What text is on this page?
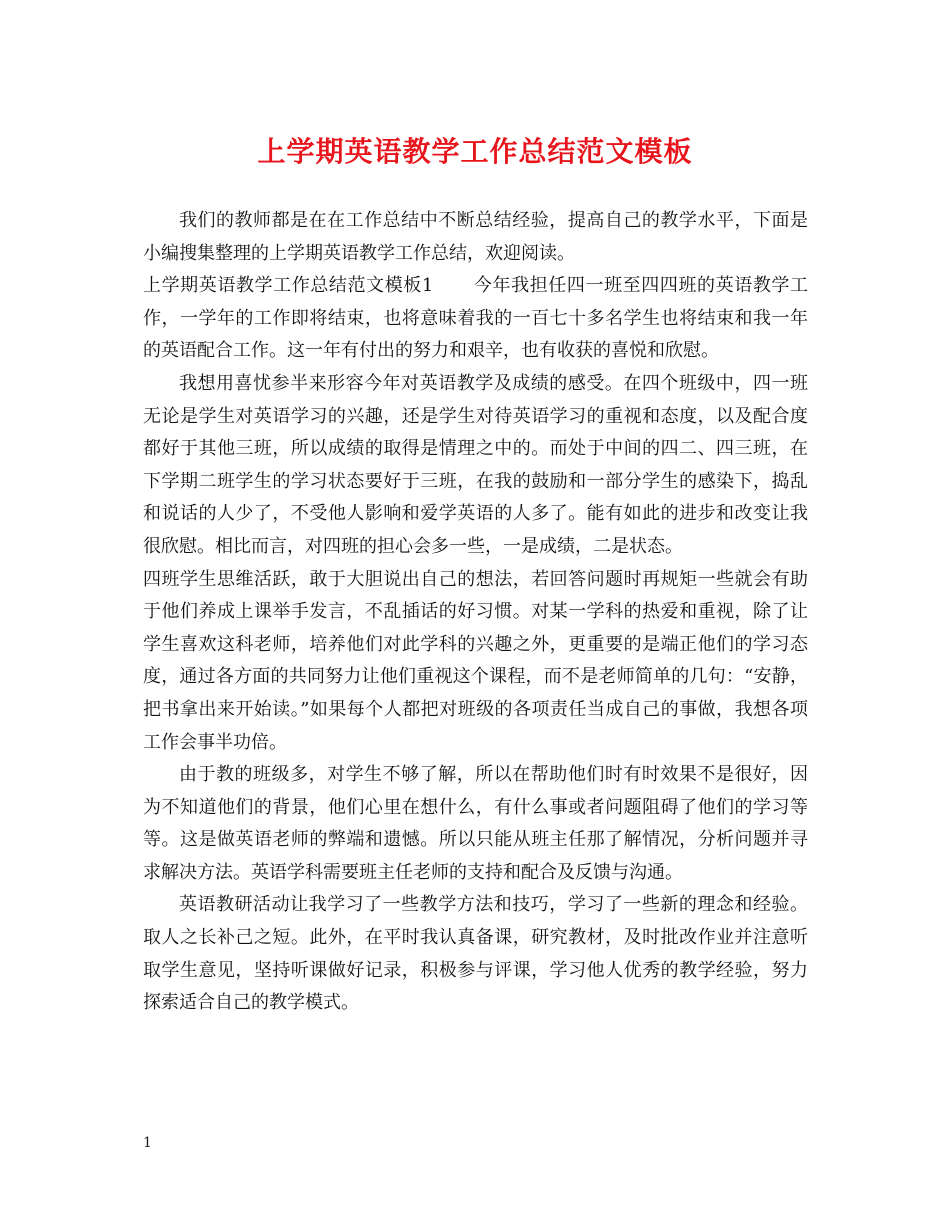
上学期英语教学工作总结范文模板

我们的教师都是在在工作总结中不断总结经验，提高自己的教学水平，下面是小编搜集整理的上学期英语教学工作总结，欢迎阅读。

上学期英语教学工作总结范文模板1 今年我担任四一班至四四班的英语教学工作，一学年的工作即将结束，也将意味着我的一百七十多名学生也将结束和我一年的英语配合工作。这一年有付出的努力和艰辛，也有收获的喜悦和欣慰。

我想用喜忧参半来形容今年对英语教学及成绩的感受。在四个班级中，四一班无论是学生对英语学习的兴趣，还是学生对待英语学习的重视和态度，以及配合度都好于其他三班，所以成绩的取得是情理之中的。而处于中间的四二、四三班，在下学期二班学生的学习状态要好于三班，在我的鼓励和一部分学生的感染下，捣乱和说话的人少了，不受他人影响和爱学英语的人多了。能有如此的进步和改变让我很欣慰。相比而言，对四班的担心会多一些，一是成绩，二是状态。

四班学生思维活跃，敢于大胆说出自己的想法，若回答问题时再规矩一些就会有助于他们养成上课举手发言，不乱插话的好习惯。对某一学科的热爱和重视，除了让学生喜欢这科老师，培养他们对此学科的兴趣之外，更重要的是端正他们的学习态度，通过各方面的共同努力让他们重视这个课程，而不是老师简单的几句：“安静，把书拿出来开始读。”如果每个人都把对班级的各项责任当成自己的事做，我想各项工作会事半功倍。

由于教的班级多，对学生不够了解，所以在帮助他们时有时效果不是很好，因为不知道他们的背景，他们心里在想什么，有什么事或者问题阻碍了他们的学习等等。这是做英语老师的弊端和遗憾。所以只能从班主任那了解情况，分析问题并寻求解决方法。英语学科需要班主任老师的支持和配合及反馈与沟通。

英语教研活动让我学习了一些教学方法和技巧，学习了一些新的理念和经验。取人之长补己之短。此外，在平时我认真备课，研究教材，及时批改作业并注意听取学生意见，坚持听课做好记录，积极参与评课，学习他人优秀的教学经验，努力探索适合自己的教学模式。

1
